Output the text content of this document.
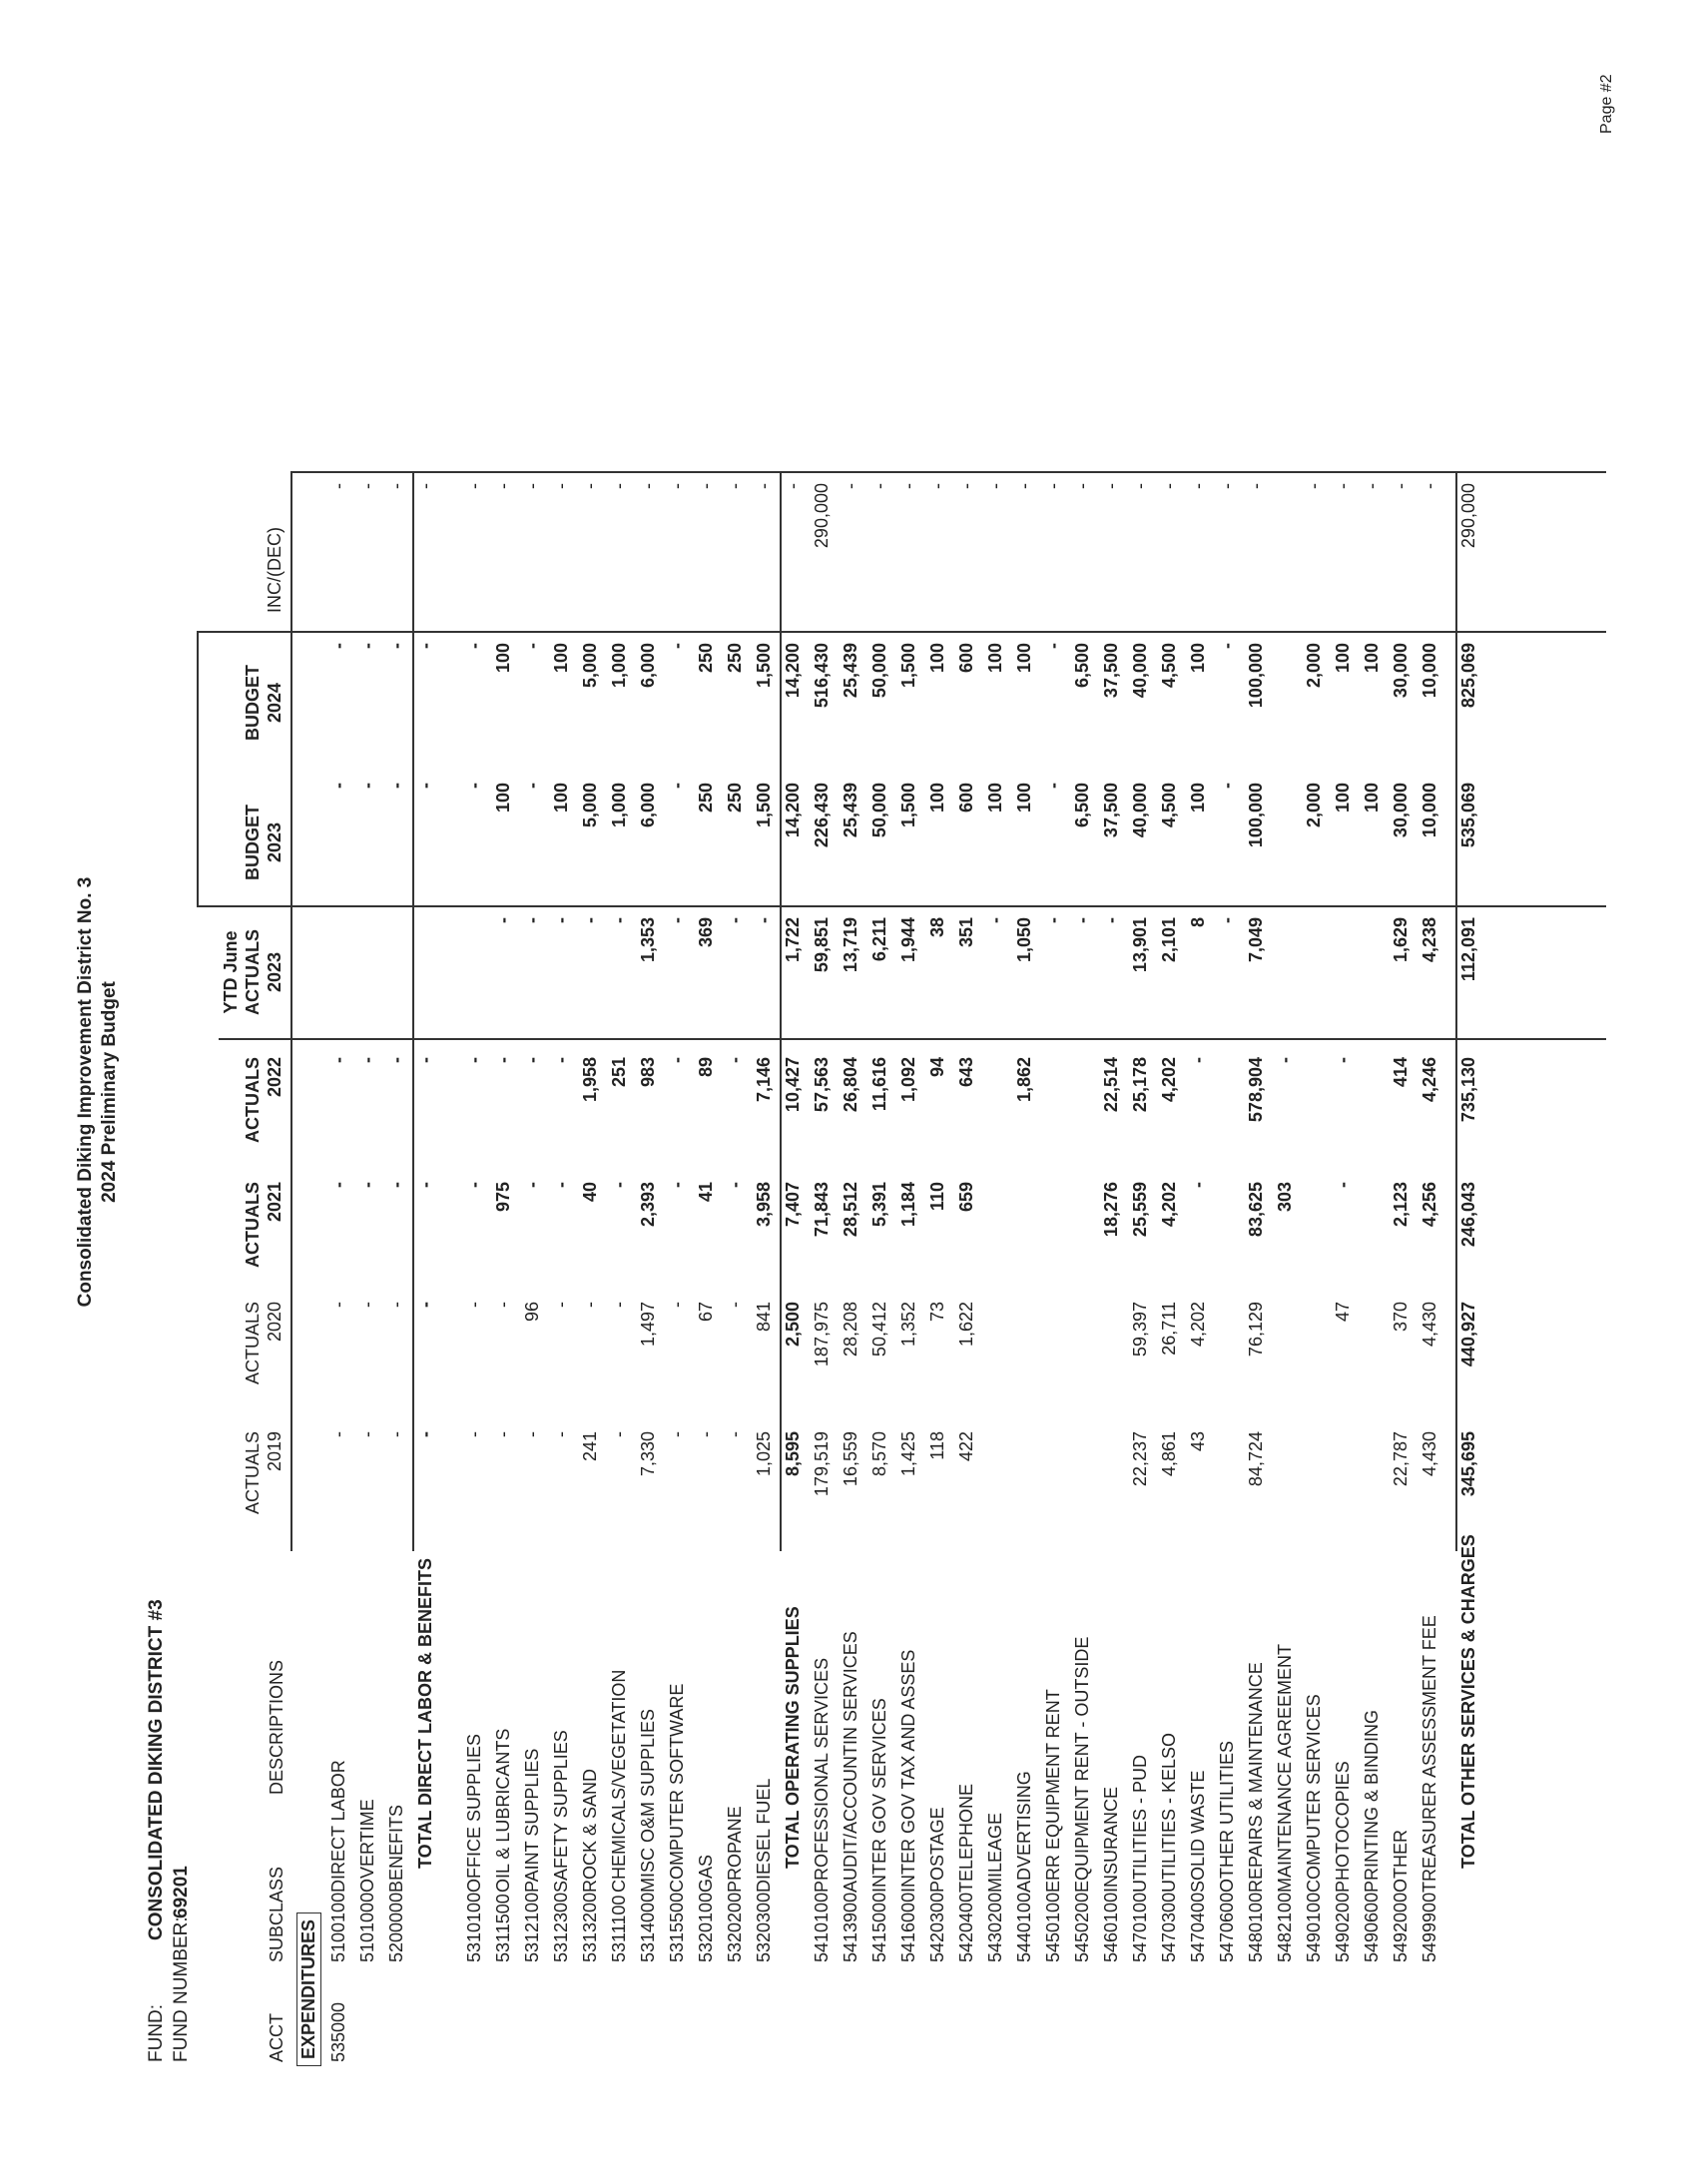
Consolidated Diking Improvement District No. 3 2024 Preliminary Budget
FUND:
CONSOLIDATED DIKING DISTRICT #3
FUND NUMBER:
69201
Page #2
ACCT
SUBCLASS
DESCRIPTIONS
ACTUALS 2019
ACTUALS 2020
ACTUALS 2021
ACTUALS 2022
YTD June ACTUALS 2023
BUDGET 2023
BUDGET 2024
INC/(DEC)
EXPENDITURES 535000
5100100
DIRECT LABOR
-
-
-
-
-
-
-
5101000
OVERTIME
-
-
-
-
-
-
-
5200000
BENEFITS
-
-
-
-
-
-
-
TOTAL DIRECT LABOR & BENEFITS
-
-
-
-
-
-
-
5310100
OFFICE SUPPLIES
-
-
-
-
-
-
-
5311500
OIL & LUBRICANTS
-
-
975
-
-
100
100
-
5312100
PAINT SUPPLIES
-
96
-
-
-
-
-
-
5312300
SAFETY SUPPLIES
-
-
-
-
-
100
100
-
5313200
ROCK & SAND
241
-
40
1,958
-
5,000
5,000
-
5311100
CHEMICALS/VEGETATION
-
-
-
251
-
1,000
1,000
-
5314000
MISC O&M SUPPLIES
7,330
1,497
2,393
983
1,353
6,000
6,000
-
5315500
COMPUTER SOFTWARE
-
-
-
-
-
-
-
-
5320100
GAS
-
67
41
89
369
250
250
-
5320200
PROPANE
-
-
-
-
-
250
250
-
5320300
DIESEL FUEL
1,025
841
3,958
7,146
-
1,500
1,500
-
TOTAL OPERATING SUPPLIES
8,595
2,500
7,407
10,427
1,722
14,200
14,200
-
5410100
PROFESSIONAL SERVICES
179,519
187,975
71,843
57,563
59,851
226,430
516,430
290,000
5413900
AUDIT/ACCOUNTIN SERVICES
16,559
28,208
28,512
26,804
13,719
25,439
25,439
-
5415000
INTER GOV SERVICES
8,570
50,412
5,391
11,616
6,211
50,000
50,000
-
5416000
INTER GOV TAX AND ASSES
1,425
1,352
1,184
1,092
1,944
1,500
1,500
-
5420300
POSTAGE
118
73
110
94
38
100
100
-
5420400
TELEPHONE
422
1,622
659
643
351
600
600
-
5430200
MILEAGE
-
100
100
-
5440100
ADVERTISING
1,862
1,050
100
100
-
5450100
ERR EQUIPMENT RENT
-
-
-
-
5450200
EQUIPMENT RENT - OUTSIDE
-
6,500
6,500
-
5460100
INSURANCE
18,276
22,514
-
37,500
37,500
-
5470100
UTILITIES - PUD
22,237
59,397
25,559
25,178
13,901
40,000
40,000
-
5470300
UTILITIES - KELSO
4,861
26,711
4,202
4,202
2,101
4,500
4,500
-
5470400
SOLID WASTE
43
4,202
-
-
8
100
100
-
5470600
OTHER UTILITIES
-
-
-
-
5480100
REPAIRS & MAINTENANCE
84,724
76,129
83,625
578,904
7,049
100,000
100,000
-
5482100
MAINTENANCE AGREEMENT
303
-
5490100
COMPUTER SERVICES
2,000
2,000
-
5490200
PHOTOCOPIES
47
-
-
100
100
-
5490600
PRINTING & BINDING
100
100
-
5492000
OTHER
22,787
370
2,123
414
1,629
30,000
30,000
-
5499900
TREASURER ASSESSMENT FEE
4,430
4,430
4,256
4,246
4,238
10,000
10,000
-
TOTAL OTHER SERVICES & CHARGES
345,695
440,927
246,043
735,130
112,091
535,069
825,069
290,000
